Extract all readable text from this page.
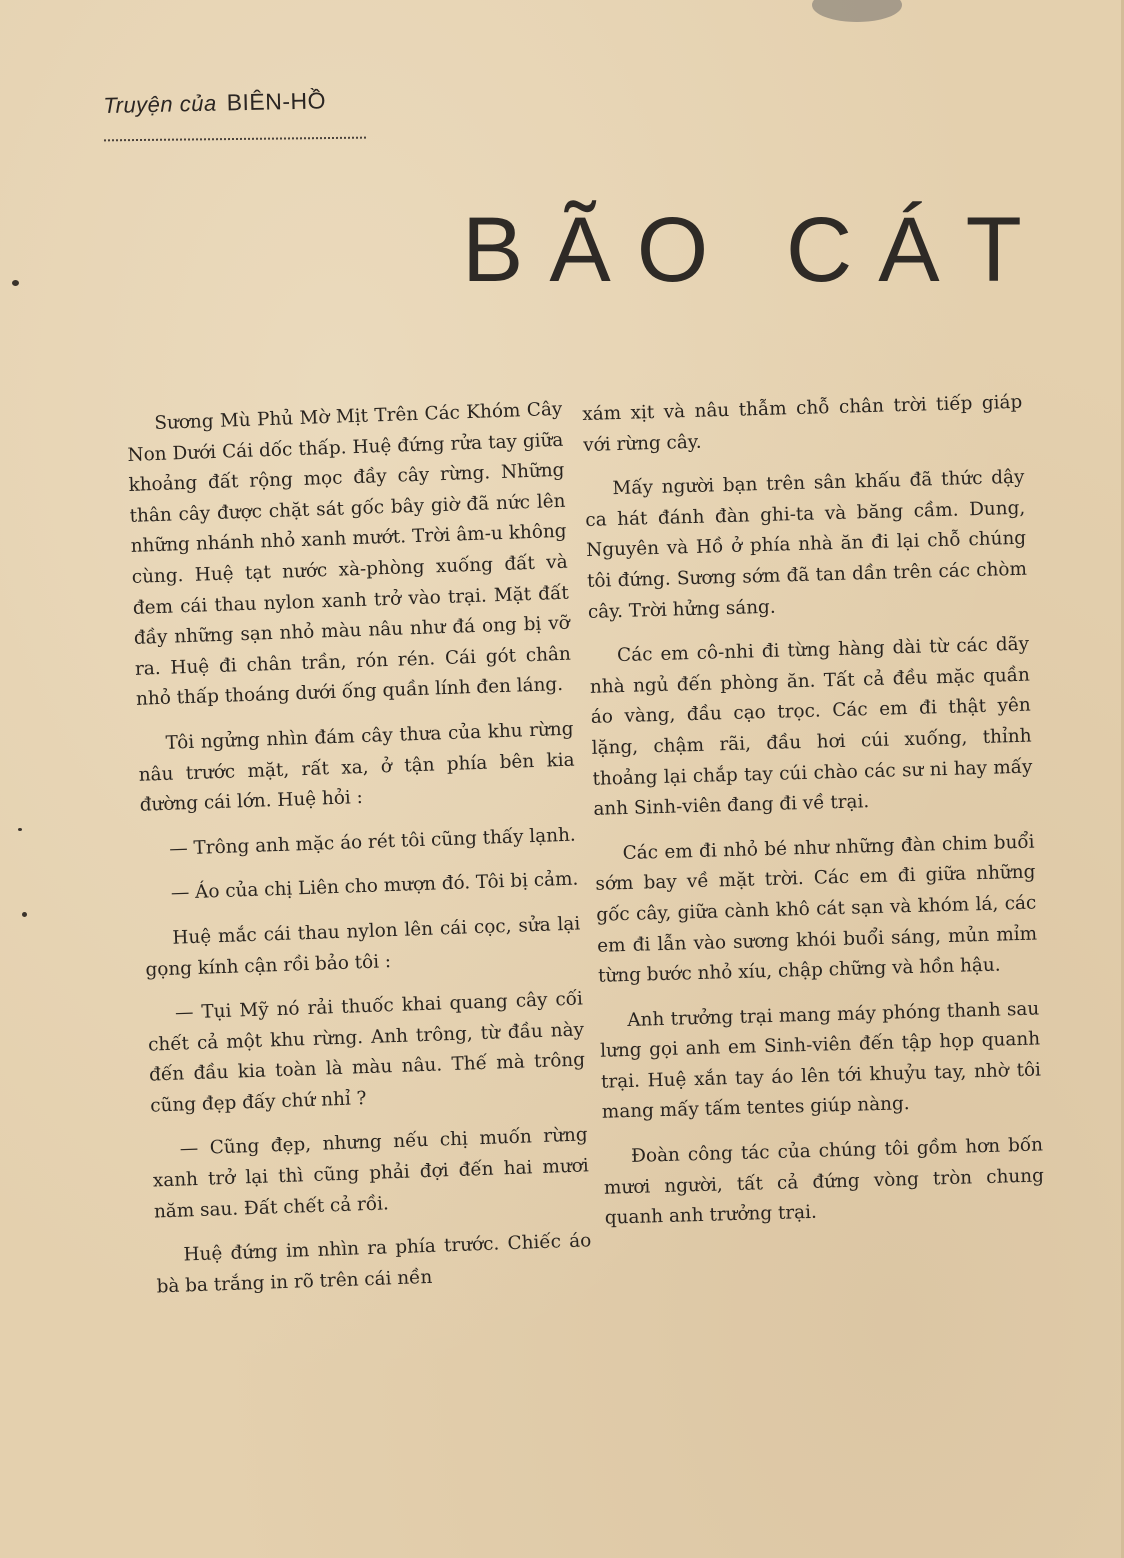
Truyện của BIÊN-HỒ
BÃO CÁT

Sương Mù Phủ Mờ Mịt Trên Các Khóm Cây Non Dưới Cái dốc thấp. Huệ đứng rửa tay giữa khoảng đất rộng mọc đầy cây rừng. Những thân cây được chặt sát gốc bây giờ đã nức lên những nhánh nhỏ xanh mướt. Trời âm-u không cùng. Huệ tạt nước xà-phòng xuống đất và đem cái thau nylon xanh trở vào trại. Mặt đất đầy những sạn nhỏ màu nâu như đá ong bị vỡ ra. Huệ đi chân trần, rón rén. Cái gót chân nhỏ thấp thoáng dưới ống quần lính đen láng.

Tôi ngửng nhìn đám cây thưa của khu rừng nâu trước mặt, rất xa, ở tận phía bên kia đường cái lớn. Huệ hỏi :

— Trông anh mặc áo rét tôi cũng thấy lạnh.

— Áo của chị Liên cho mượn đó. Tôi bị cảm.

Huệ mắc cái thau nylon lên cái cọc, sửa lại gọng kính cận rồi bảo tôi :

— Tụi Mỹ nó rải thuốc khai quang cây cối chết cả một khu rừng. Anh trông, từ đầu này đến đầu kia toàn là màu nâu. Thế mà trông cũng đẹp đấy chứ nhỉ ?

— Cũng đẹp, nhưng nếu chị muốn rừng xanh trở lại thì cũng phải đợi đến hai mươi năm sau. Đất chết cả rồi.

Huệ đứng im nhìn ra phía trước. Chiếc áo bà ba trắng in rõ trên cái nền

xám xịt và nâu thẫm chỗ chân trời tiếp giáp với rừng cây.

Mấy người bạn trên sân khấu đã thức dậy ca hát đánh đàn ghi-ta và băng cầm. Dung, Nguyên và Hồ ở phía nhà ăn đi lại chỗ chúng tôi đứng. Sương sớm đã tan dần trên các chòm cây. Trời hửng sáng.

Các em cô-nhi đi từng hàng dài từ các dãy nhà ngủ đến phòng ăn. Tất cả đều mặc quần áo vàng, đầu cạo trọc. Các em đi thật yên lặng, chậm rãi, đầu hơi cúi xuống, thỉnh thoảng lại chắp tay cúi chào các sư ni hay mấy anh Sinh-viên đang đi về trại.

Các em đi nhỏ bé như những đàn chim buổi sớm bay về mặt trời. Các em đi giữa những gốc cây, giữa cành khô cát sạn và khóm lá, các em đi lẫn vào sương khói buổi sáng, mủn mỉm từng bước nhỏ xíu, chập chững và hồn hậu.

Anh trưởng trại mang máy phóng thanh sau lưng gọi anh em Sinh-viên đến tập họp quanh trại. Huệ xắn tay áo lên tới khuỷu tay, nhờ tôi mang mấy tấm tentes giúp nàng.

Đoàn công tác của chúng tôi gồm hơn bốn mươi người, tất cả đứng vòng tròn chung quanh anh trưởng trại.
